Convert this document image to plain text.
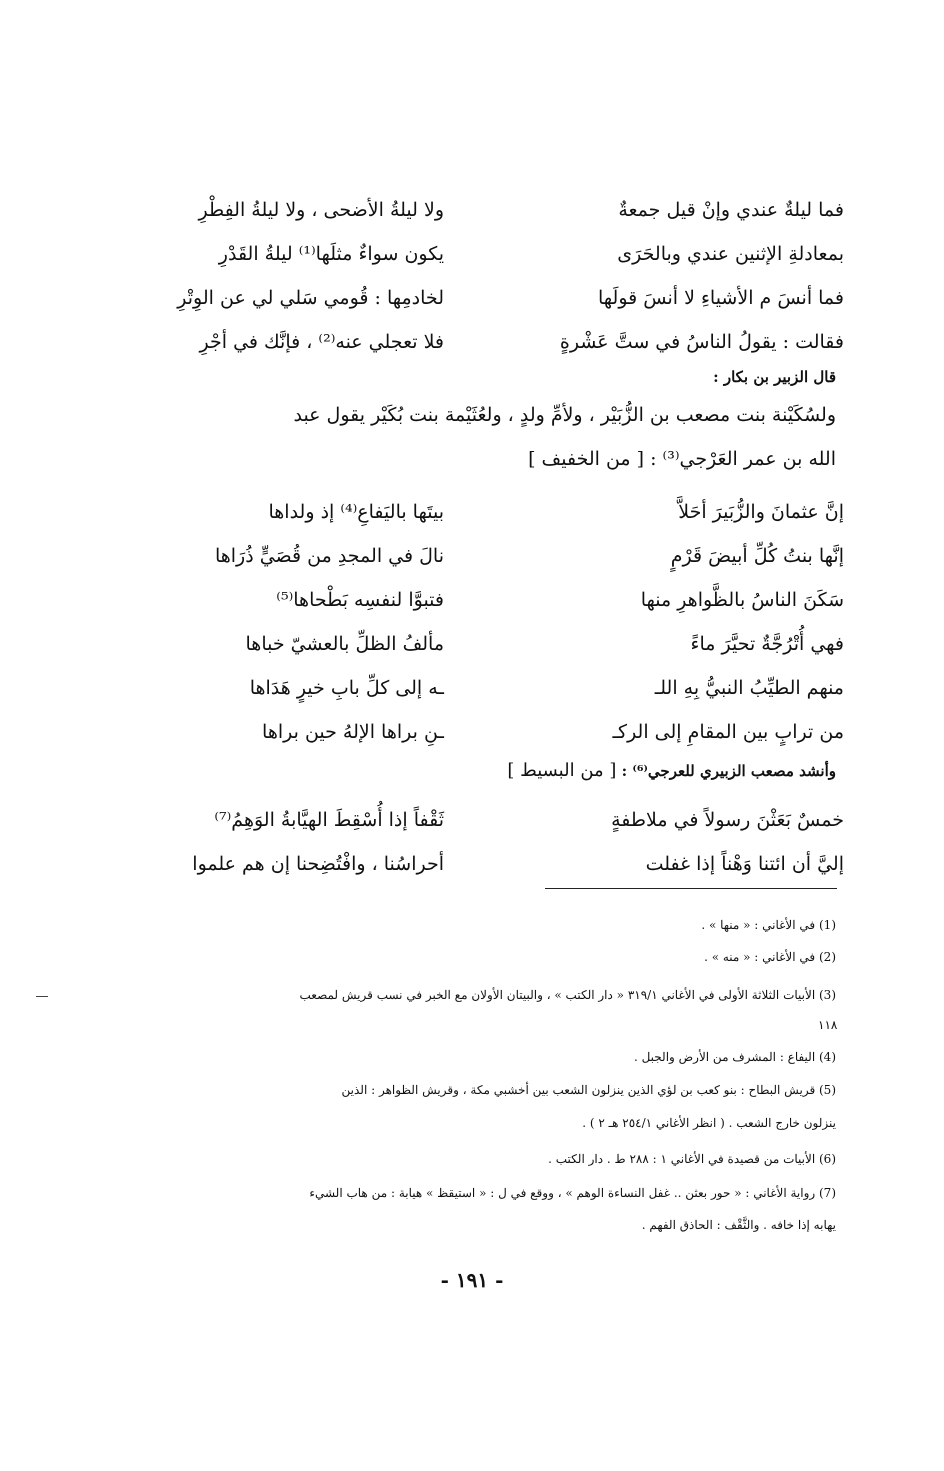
فما ليلةٌ عندي وإنْ قيل جمعةٌ
ولا ليلةُ الأضحى ، ولا ليلةُ الفِطْرِ
بمعادلةِ الإثنين عندي وبالحَرَى
يكون سواءٌ مثلَها⁽¹⁾ ليلةُ القَدْرِ
فما أنسَ م الأشياءِ لا أنسَ قولَها
لخادمِها : قُومي سَلي لي عن الوِتْرِ
فقالت : يقولُ الناسُ في ستَّ عَشْرةٍ
فلا تعجلي عنه⁽²⁾ ، فإنَّك في أجْرِ
قال الزبير بن بكار :
ولسُكَيْنة بنت مصعب بن الزُّبَيْر ، ولأمِّ ولدٍ ، ولعُثَيْمة بنت بُكَيْر يقول عبد
الله بن عمر العَرْجي⁽³⁾ : [ من الخفيف ]
إنَّ عثمانَ والزُّبَيرَ أحَلاَّ
بيتَها باليَفاعِ⁽⁴⁾ إذ ولداها
إنَّها بنتُ كُلِّ أبيضَ قَرْمٍ
نالَ في المجدِ من قُصَيٍّ ذُرَاها
سَكَنَ الناسُ بالظَّواهرِ منها
فتبوَّا لنفسِه بَطْحاها⁽⁵⁾
فهي أُتْرُجَّةٌ تحيَّرَ ماءً
مألفُ الظلِّ بالعشيّ خباها
منهم الطيِّبُ النبيُّ بِهِ اللـ
ـه إلى كلِّ بابِ خيرٍ هَدَاها
من ترابٍ بين المقامِ إلى الركـ
ـنِ براها الإلهُ حين براها
وأنشد مصعب الزبيري للعرجي⁽⁶⁾ : [ من البسيط ]
خمسٌ بَعَثْنَ رسولاً في ملاطفةٍ
ثَقْفاً إذا أُسْقِطَ الهيَّابةُ الوَهِمُ⁽⁷⁾
إليَّ أن ائتنا وَهْناً إذا غفلت
أحراسُنا ، وافْتُضِحنا إن هم علموا
(1) في الأغاني : « منها » .
(2) في الأغاني : « منه » .
(3) الأبيات الثلاثة الأولى في الأغاني ٣١٩/١ « دار الكتب » ، والبيتان الأولان مع الخبر في نسب قريش لمصعب
(4) اليفاع : المشرف من الأرض والجبل .
(5) قريش البطاح : بنو كعب بن لؤي الذين ينزلون الشعب بين أخشبي مكة ، وقريش الظواهر : الذين
ينزلون خارج الشعب . ( انظر الأغاني ٢٥٤/١ هـ ٢ ) .
(6) الأبيات من قصيدة في الأغاني ١ : ٢٨٨ ط . دار الكتب .
(7) رواية الأغاني : « حور بعثن .. غفل النساءة الوهم » ، ووقع في ل : « استيقظ » هيابة : من هاب الشيء
يهابه إذا خافه . والثَّقْف : الحاذق الفهم .
١١٨
- ١٩١ -
